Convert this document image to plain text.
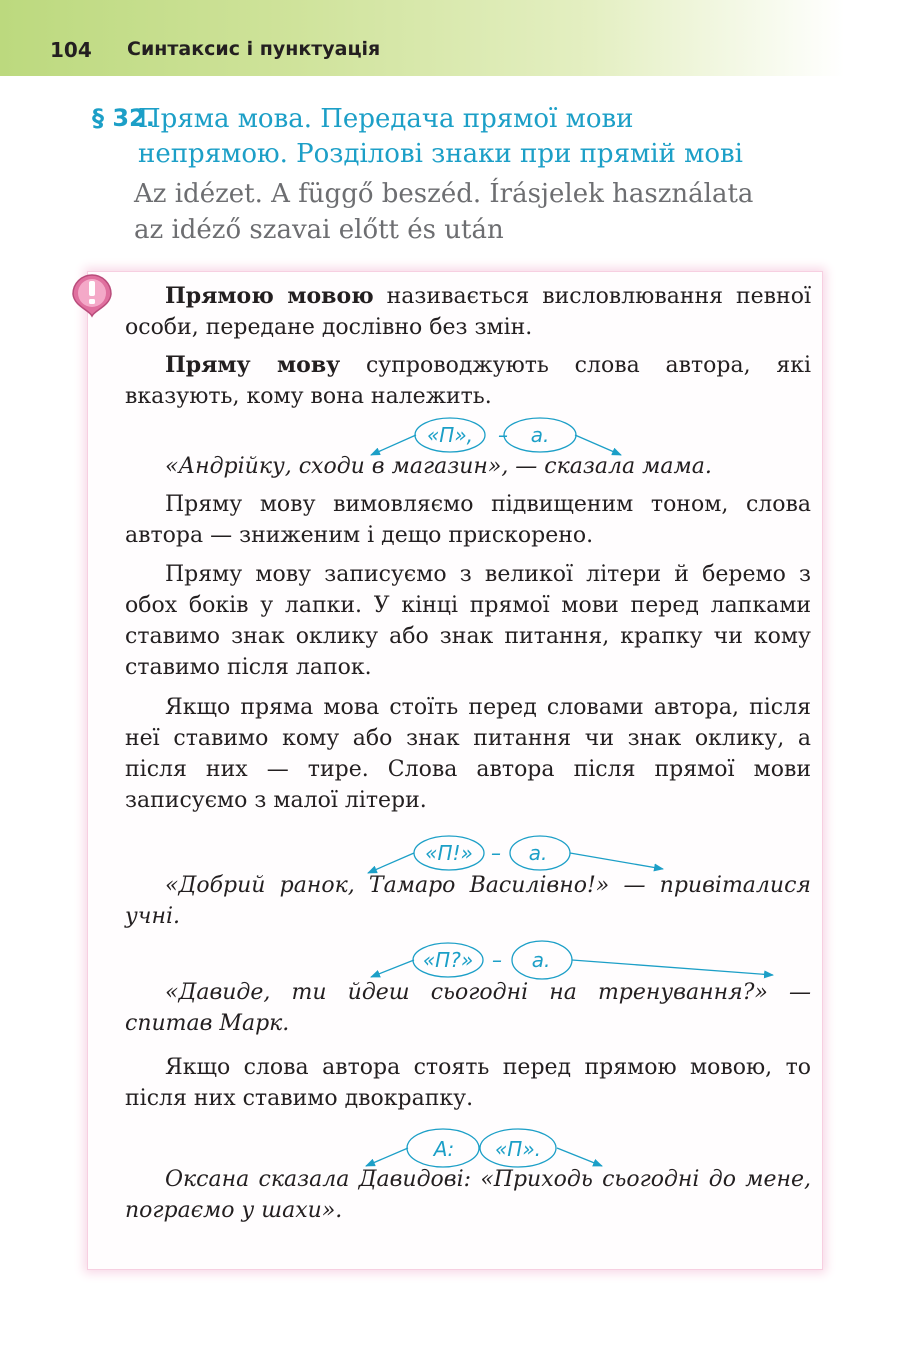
104 Синтаксис і пунктуація
§ 32.
Пряма мова. Передача прямої мови
непрямою. Розділові знаки при прямій мові
Az idézet. A függő beszéd. Írásjelek használata
az idéző szavai előtt és után

Прямою мовою називається висловлювання певної особи, передане дослівно без змін.

Пряму мову супроводжують слова автора, які вказують, кому вона належить.

«Андрійку, сходи в магазин», — сказала мама.

Пряму мову вимовляємо підвищеним тоном, слова автора — зниженим і дещо прискорено.

Пряму мову записуємо з великої літери й беремо з обох боків у лапки. У кінці прямої мови перед лапками ставимо знак оклику або знак питання, крапку чи кому ставимо після лапок.

Якщо пряма мова стоїть перед словами автора, після неї ставимо кому або знак питання чи знак оклику, а після них — тире. Слова автора після прямої мови записуємо з малої літери.

«Добрий ранок, Тамаро Василівно!» — привіталися учні.

«Давиде, ти йдеш сьогодні на тренування?» — спитав Марк.

Якщо слова автора стоять перед прямою мовою, то після них ставимо двокрапку.

Оксана сказала Давидові: «Приходь сьогодні до мене, пограємо у шахи».

«П», – а.
«П!» – а.
«П?» – а.
А: «П».
